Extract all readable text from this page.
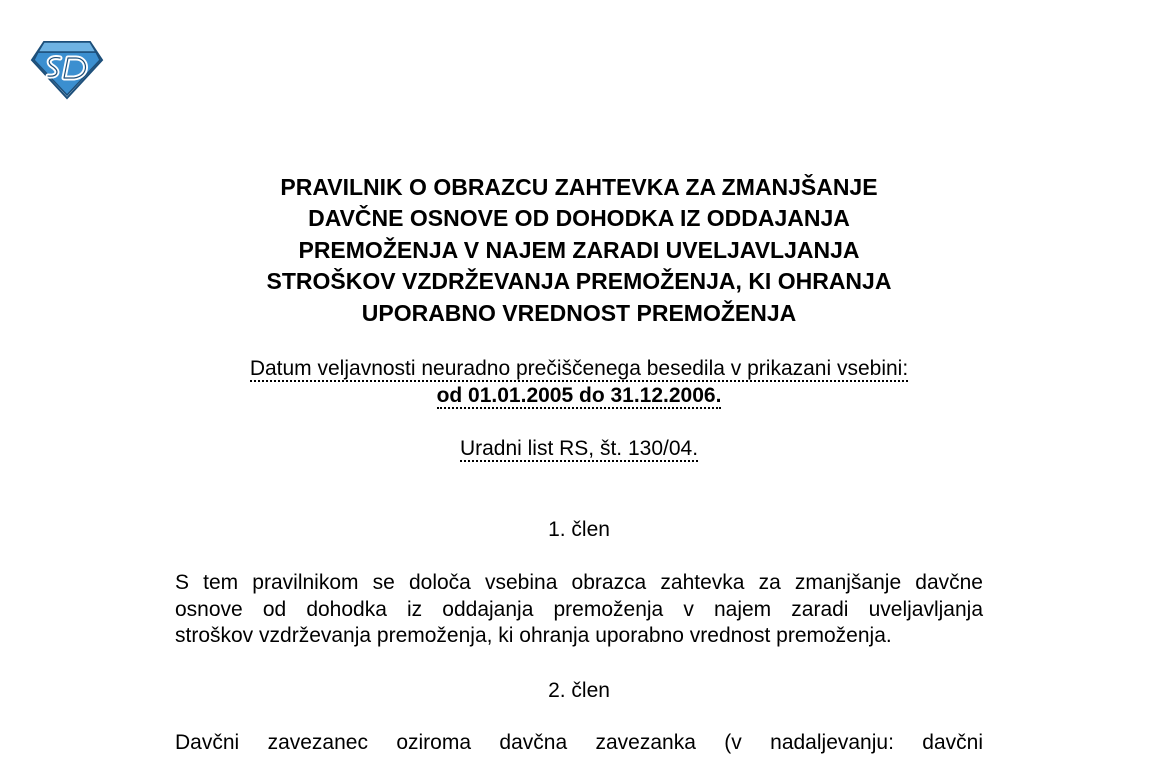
PRAVILNIK O OBRAZCU ZAHTEVKA ZA ZMANJŠANJE
DAVČNE OSNOVE OD DOHODKA IZ ODDAJANJA
PREMOŽENJA V NAJEM ZARADI UVELJAVLJANJA
STROŠKOV VZDRŽEVANJA PREMOŽENJA, KI OHRANJA
UPORABNO VREDNOST PREMOŽENJA
Datum veljavnosti neuradno prečiščenega besedila v prikazani vsebini:
od 01.01.2005 do 31.12.2006.
Uradni list RS, št. 130/04.
1. člen
S tem pravilnikom se določa vsebina obrazca zahtevka za zmanjšanje davčne
osnove od dohodka iz oddajanja premoženja v najem zaradi uveljavljanja
stroškov vzdrževanja premoženja, ki ohranja uporabno vrednost premoženja.
2. člen
Davčni zavezanec oziroma davčna zavezanka (v nadaljevanju: davčni
